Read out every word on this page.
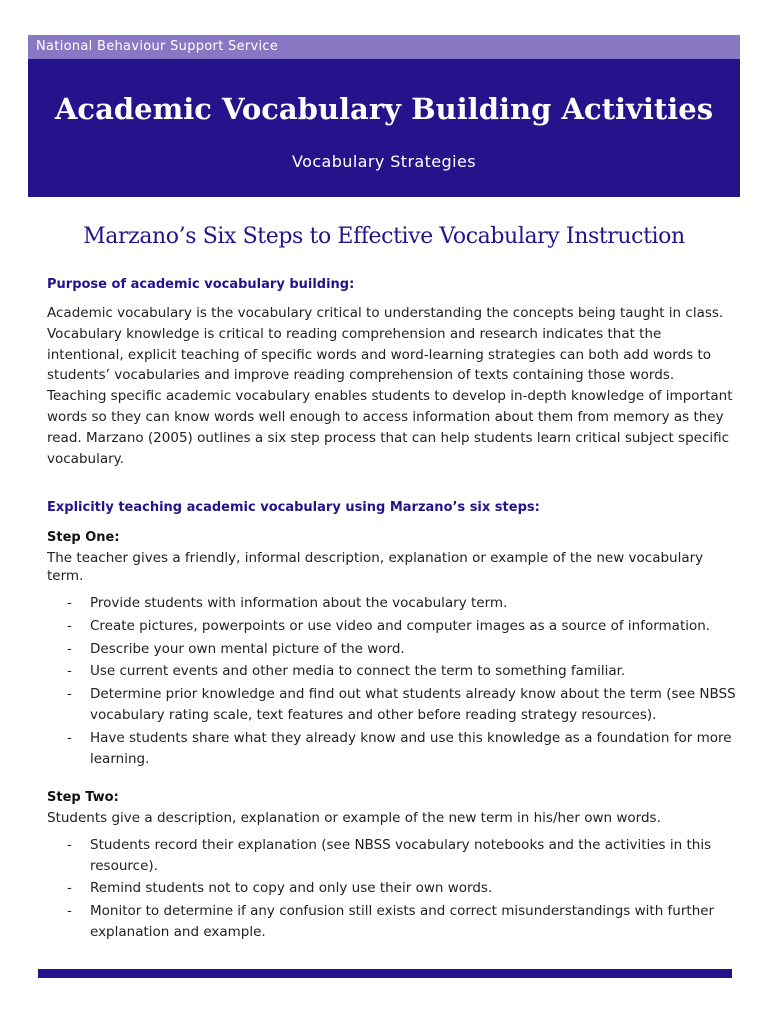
National Behaviour Support Service
Academic Vocabulary Building Activities
Vocabulary Strategies
Marzano’s Six Steps to Effective Vocabulary Instruction
Purpose of academic vocabulary building:
Academic vocabulary is the vocabulary critical to understanding the concepts being taught in class. Vocabulary knowledge is critical to reading comprehension and research indicates that the intentional, explicit teaching of specific words and word-learning strategies can both add words to students’ vocabularies and improve reading comprehension of texts containing those words. Teaching specific academic vocabulary enables students to develop in-depth knowledge of important words so they can know words well enough to access information about them from memory as they read. Marzano (2005) outlines a six step process that can help students learn critical subject specific vocabulary.
Explicitly teaching academic vocabulary using Marzano’s six steps:
Step One:
The teacher gives a friendly, informal description, explanation or example of the new vocabulary term.
- Provide students with information about the vocabulary term.
- Create pictures, powerpoints or use video and computer images as a source of information.
- Describe your own mental picture of the word.
- Use current events and other media to connect the term to something familiar.
- Determine prior knowledge and find out what students already know about the term (see NBSS vocabulary rating scale, text features and other before reading strategy resources).
- Have students share what they already know and use this knowledge as a foundation for more learning.
Step Two:
Students give a description, explanation or example of the new term in his/her own words.
- Students record their explanation (see NBSS vocabulary notebooks and the activities in this resource).
- Remind students not to copy and only use their own words.
- Monitor to determine if any confusion still exists and correct misunderstandings with further explanation and example.
